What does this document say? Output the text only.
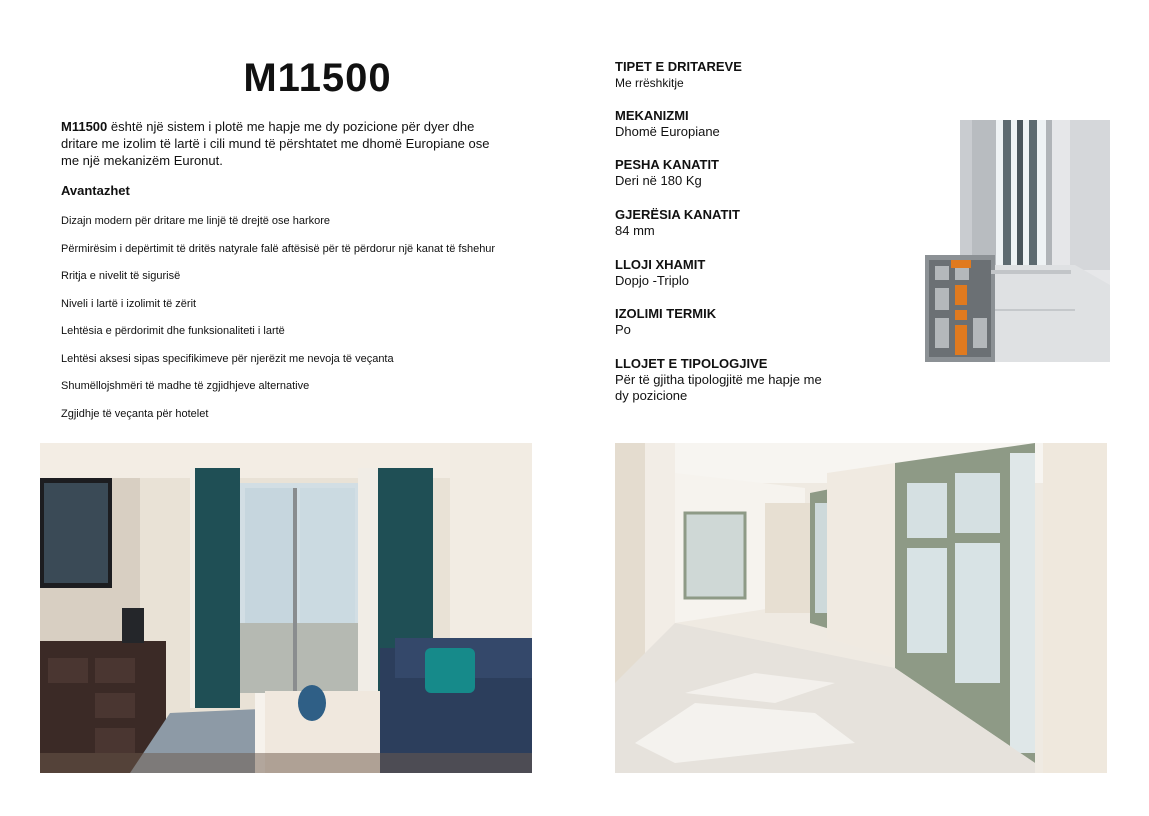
M11500

M11500 është një sistem i plotë me hapje me dy pozicione për dyer dhe dritare me izolim të lartë i cili mund të përshtatet me dhomë Europiane ose me një mekanizëm Euronut.

Avantazhet
Dizajn modern për dritare me linjë të drejtë ose harkore
Përmirësim i depërtimit të dritës natyrale falë aftësisë për të përdorur një kanat të fshehur
Rritja e nivelit të sigurisë
Niveli i lartë i izolimit të zërit
Lehtësia e përdorimit dhe funksionaliteti i lartë
Lehtësi aksesi sipas specifikimeve për njerëzit me nevoja të veçanta
Shumëllojshmëri të madhe të zgjidhjeve alternative
Zgjidhje të veçanta për hotelet
TIPET E DRITAREVE
Me rrëshkitje
MEKANIZMI
Dhomë Europiane
PESHA KANATIT
Deri në 180 Kg
GJERËSIA KANATIT
84 mm
LLOJI XHAMIT
Dopjo -Triplo
IZOLIMI TERMIK
Po
LLOJET E TIPOLOGJIVE
Për të gjitha tipologjitë me hapje me dy pozicione
